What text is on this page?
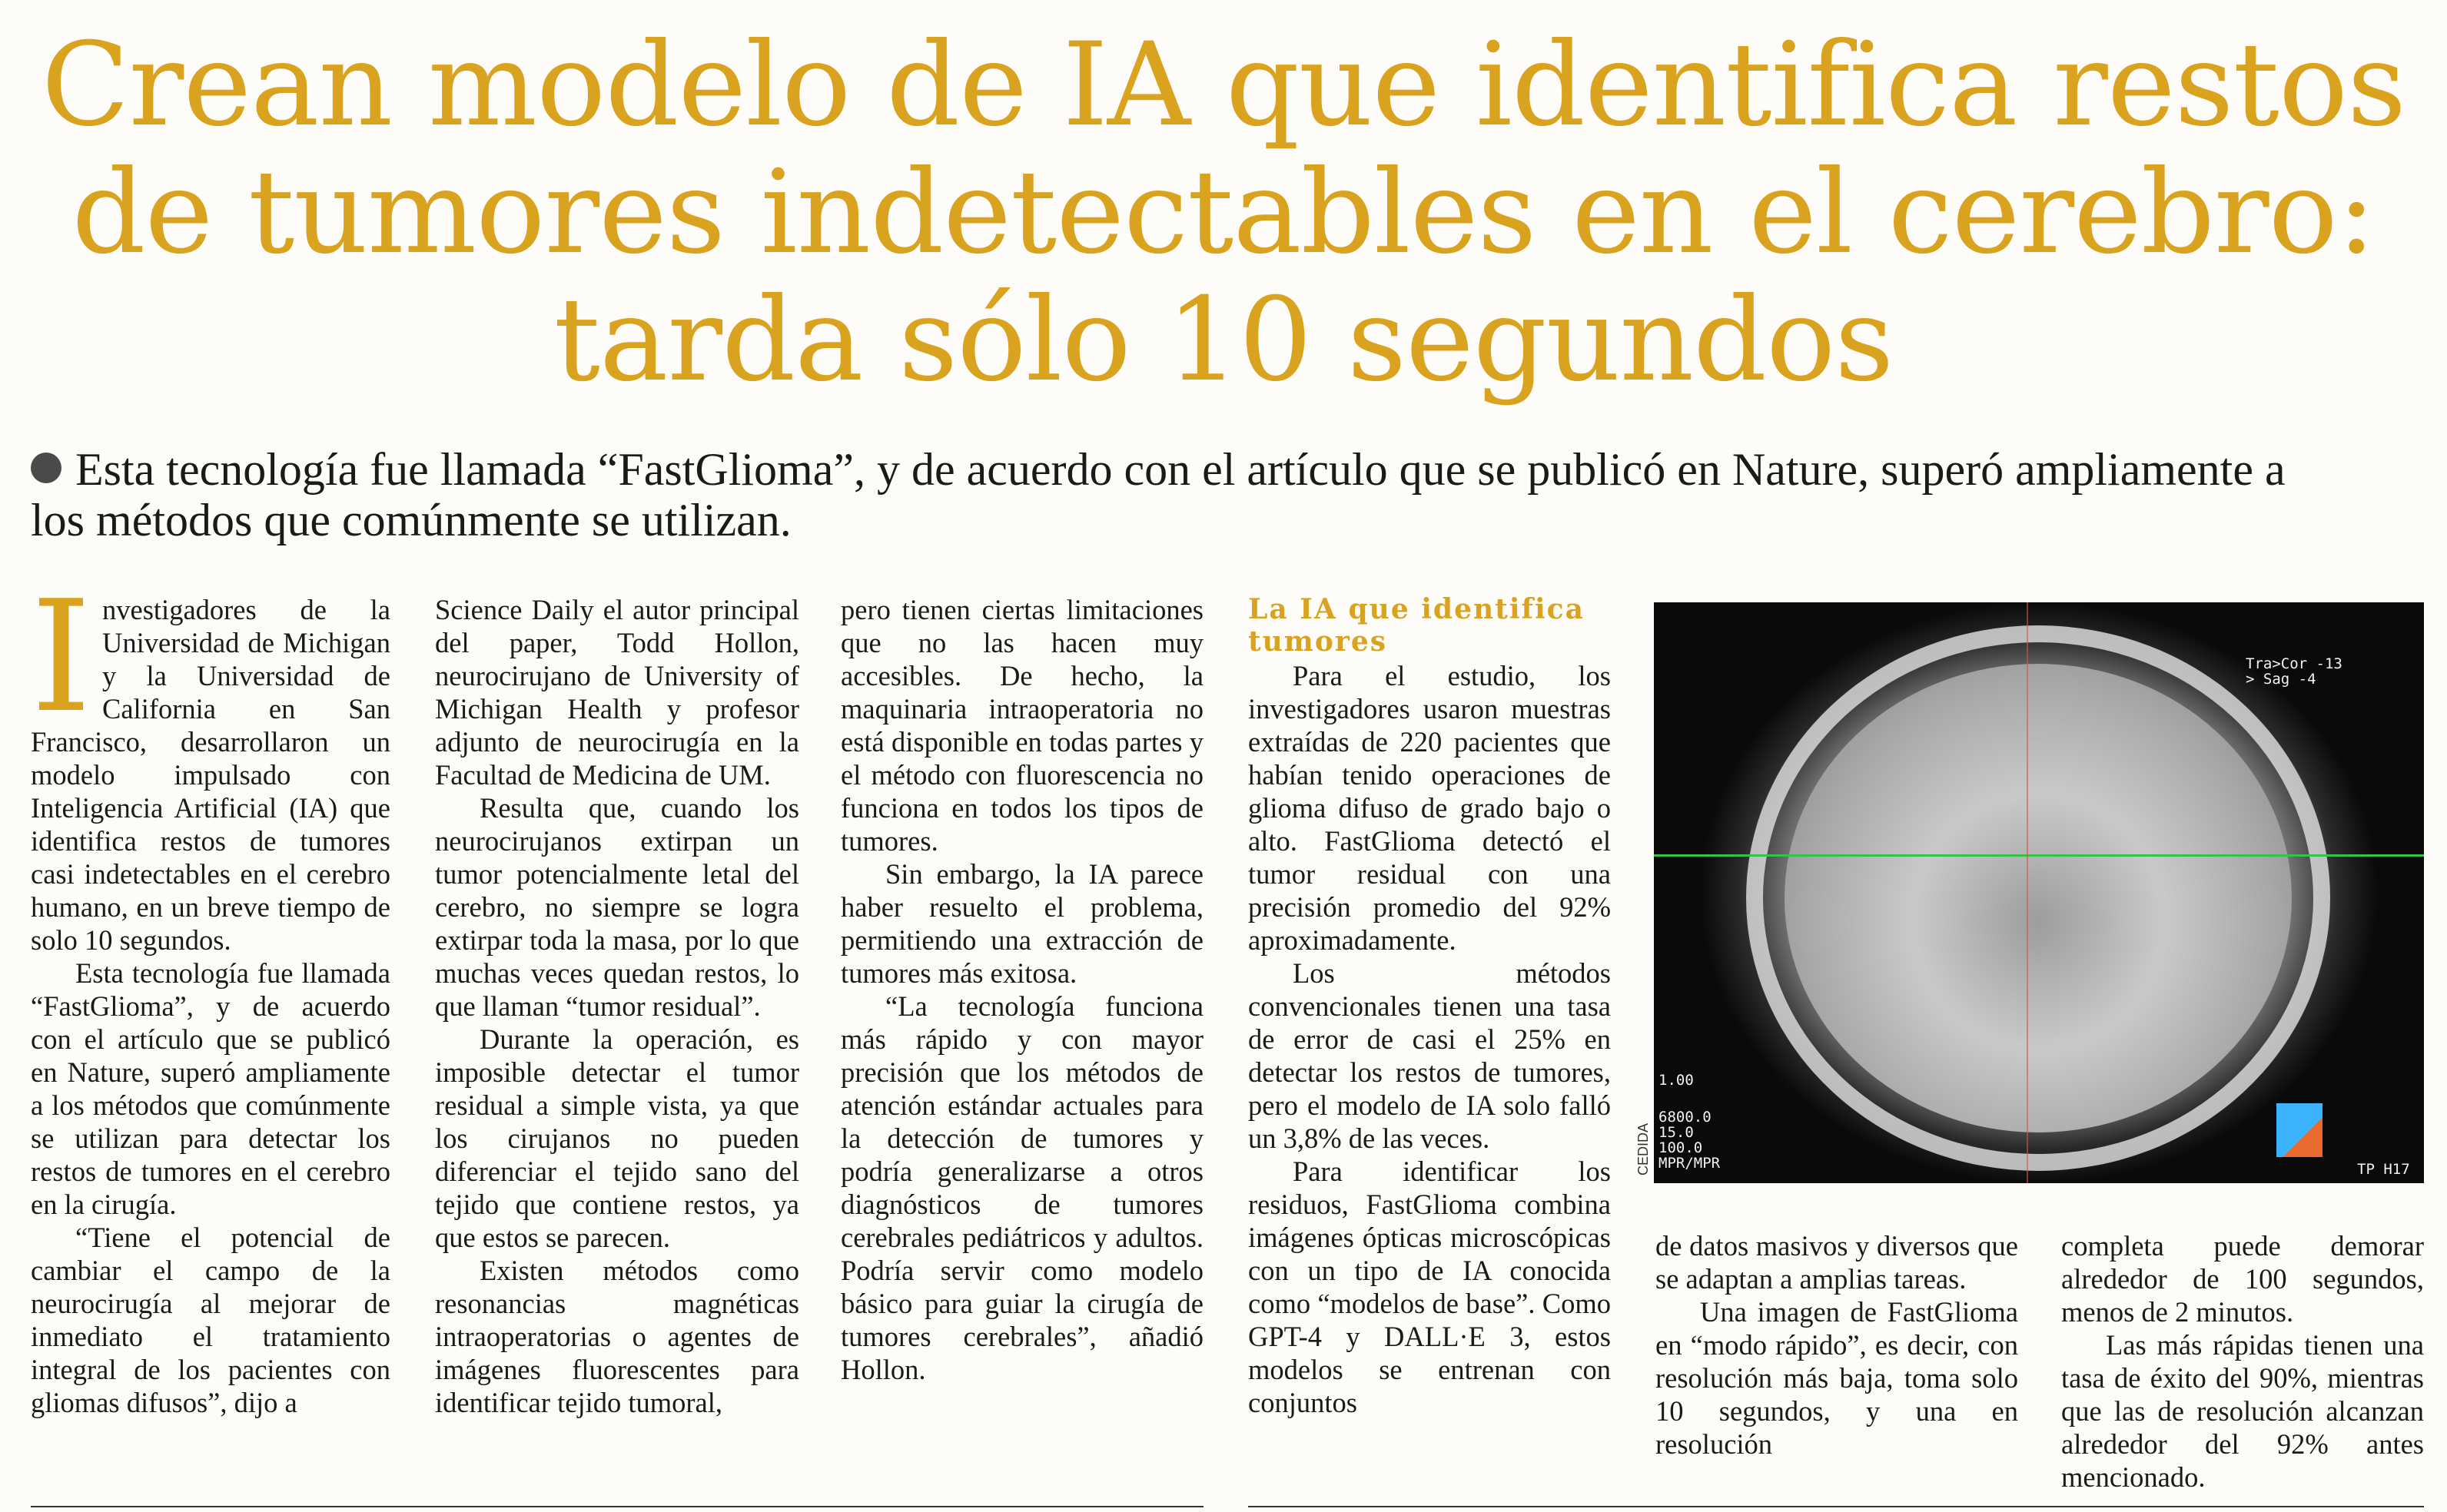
Crean modelo de IA que identifica restos
de tumores indetectables en el cerebro:
tarda sólo 10 segundos
Esta tecnología fue llamada “FastGlioma”, y de acuerdo con el artículo que se publicó en Nature, superó ampliamente a
los métodos que comúnmente se utilizan.

Investigadores de la Universidad de Michigan y la Universidad de California en San Francisco, desarrollaron un modelo impulsado con Inteligencia Artificial (IA) que identifica restos de tumores casi indetectables en el cerebro humano, en un breve tiempo de solo 10 segundos.

Esta tecnología fue llamada “FastGlioma”, y de acuerdo con el artículo que se publicó en Nature, superó ampliamente a los métodos que comúnmente se utilizan para detectar los restos de tumores en el cerebro en la cirugía.

“Tiene el potencial de cambiar el campo de la neurocirugía al mejorar de inmediato el tratamiento integral de los pacientes con gliomas difusos”, dijo a

Science Daily el autor principal del paper, Todd Hollon, neurocirujano de University of Michigan Health y profesor adjunto de neurocirugía en la Facultad de Medicina de UM.

Resulta que, cuando los neurocirujanos extirpan un tumor potencialmente letal del cerebro, no siempre se logra extirpar toda la masa, por lo que muchas veces quedan restos, lo que llaman “tumor residual”.

Durante la operación, es imposible detectar el tumor residual a simple vista, ya que los cirujanos no pueden diferenciar el tejido sano del tejido que contiene restos, ya que estos se parecen.

Existen métodos como resonancias magnéticas intraoperatorias o agentes de imágenes fluorescentes para identificar tejido tumoral,

pero tienen ciertas limitaciones que no las hacen muy accesibles. De hecho, la maquinaria intraoperatoria no está disponible en todas partes y el método con fluorescencia no funciona en todos los tipos de tumores.

Sin embargo, la IA parece haber resuelto el problema, permitiendo una extracción de tumores más exitosa.

“La tecnología funciona más rápido y con mayor precisión que los métodos de atención estándar actuales para la detección de tumores y podría generalizarse a otros diagnósticos de tumores cerebrales pediátricos y adultos. Podría servir como modelo básico para guiar la cirugía de tumores cerebrales”, añadió Hollon.

La IA que identifica tumores

Para el estudio, los investigadores usaron muestras extraídas de 220 pacientes que habían tenido operaciones de glioma difuso de grado bajo o alto. FastGlioma detectó el tumor residual con una precisión promedio del 92% aproximadamente.

Los métodos convencionales tienen una tasa de error de casi el 25% en detectar los restos de tumores, pero el modelo de IA solo falló un 3,8% de las veces.

Para identificar los residuos, FastGlioma combina imágenes ópticas microscópicas con un tipo de IA conocida como “modelos de base”. Como GPT-4 y DALL·E 3, estos modelos se entrenan con conjuntos

Tra>Cor -13
> Sag -4
1.00
6800.0
15.0
100.0
MPR/MPR	TP H17
CEDIDA

de datos masivos y diversos que se adaptan a amplias tareas.

Una imagen de FastGlioma en “modo rápido”, es decir, con resolución más baja, toma solo 10 segundos, y una en resolución

completa puede demorar alrededor de 100 segundos, menos de 2 minutos.

Las más rápidas tienen una tasa de éxito del 90%, mientras que las de resolución alcanzan alrededor del 92% antes mencionado.
